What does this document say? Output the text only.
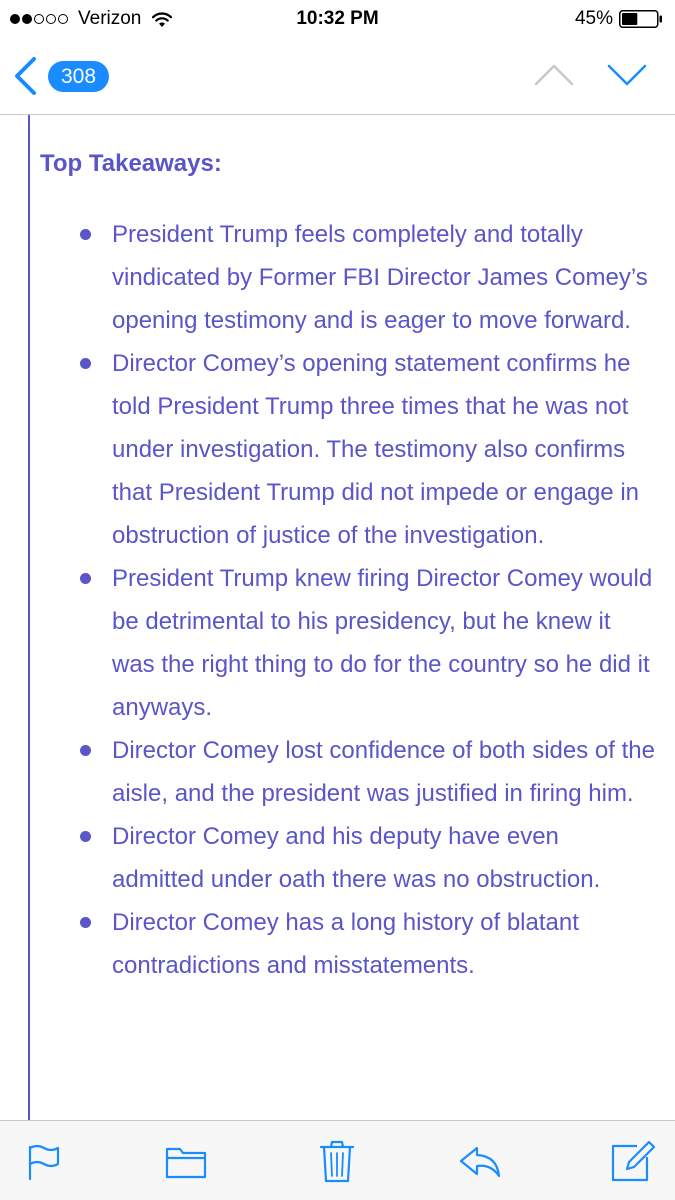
Verizon	10:32 PM	45%
308
Top Takeaways:
President Trump feels completely and totally vindicated by Former FBI Director James Comey’s opening testimony and is eager to move forward.
Director Comey’s opening statement confirms he told President Trump three times that he was not under investigation. The testimony also confirms that President Trump did not impede or engage in obstruction of justice of the investigation.
President Trump knew firing Director Comey would be detrimental to his presidency, but he knew it was the right thing to do for the country so he did it anyways.
Director Comey lost confidence of both sides of the aisle, and the president was justified in firing him.
Director Comey and his deputy have even admitted under oath there was no obstruction.
Director Comey has a long history of blatant contradictions and misstatements.
